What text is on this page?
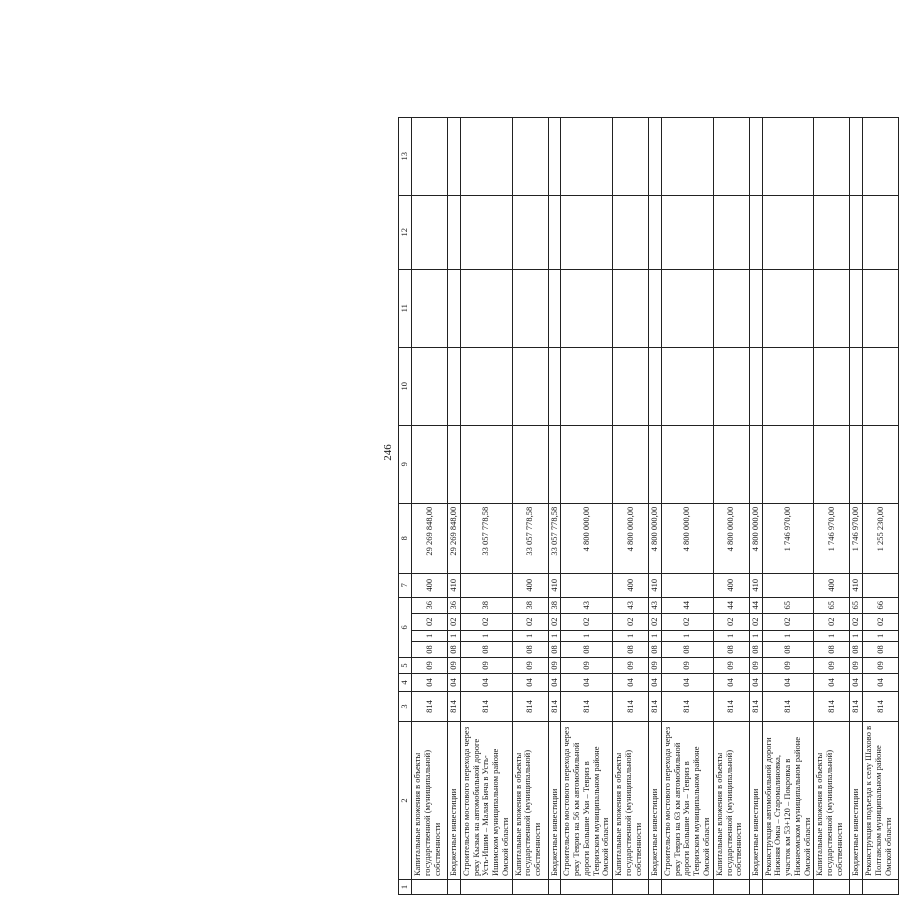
246
1	2	3	4	5	6				7	8	9	10	11	12	13
	Капитальные вложения в объекты государственной (муниципальной) собственности	814	04	09	08	1	02	36	400	29 269 848,00					
	Бюджетные инвестиции	814	04	09	08	1	02	36	410	29 269 848,00					
	Строительство мостового перехода через реку Кызык на автомобильной дороге Усть-Ишим – Малая Бича в Усть-Ишимском муниципальном районе Омской области	814	04	09	08	1	02	38		33 057 778,58					
	Капитальные вложения в объекты государственной (муниципальной) собственности	814	04	09	08	1	02	38	400	33 057 778,58					
	Бюджетные инвестиции	814	04	09	08	1	02	38	410	33 057 778,58					
	Строительство мостового перехода через реку Тевриз на 56 км автомобильной дороги Большие Уки – Тевриз в Тевризском муниципальном районе Омской области	814	04	09	08	1	02	43		4 800 000,00					
	Капитальные вложения в объекты государственной (муниципальной) собственности	814	04	09	08	1	02	43	400	4 800 000,00					
	Бюджетные инвестиции	814	04	09	08	1	02	43	410	4 800 000,00					
	Строительство мостового перехода через реку Тевриз на 63 км автомобильной дороги Большие Уки – Тевриз в Тевризском муниципальном районе Омской области	814	04	09	08	1	02	44		4 800 000,00					
	Капитальные вложения в объекты государственной (муниципальной) собственности	814	04	09	08	1	02	44	400	4 800 000,00					
	Бюджетные инвестиции	814	04	09	08	1	02	44	410	4 800 000,00					
	Реконструкция автомобильной дороги Нижняя Омка – Старомалиновка, участок км 53+120 – Покровка в Нижнеомском муниципальном районе Омской области	814	04	09	08	1	02	65		1 746 970,00					
	Капитальные вложения в объекты государственной (муниципальной) собственности	814	04	09	08	1	02	65	400	1 746 970,00					
	Бюджетные инвестиции	814	04	09	08	1	02	65	410	1 746 970,00					
	Реконструкция подъезда к селу Шахово в Полтавском муниципальном районе Омской области	814	04	09	08	1	02	66		1 255 230,00					
